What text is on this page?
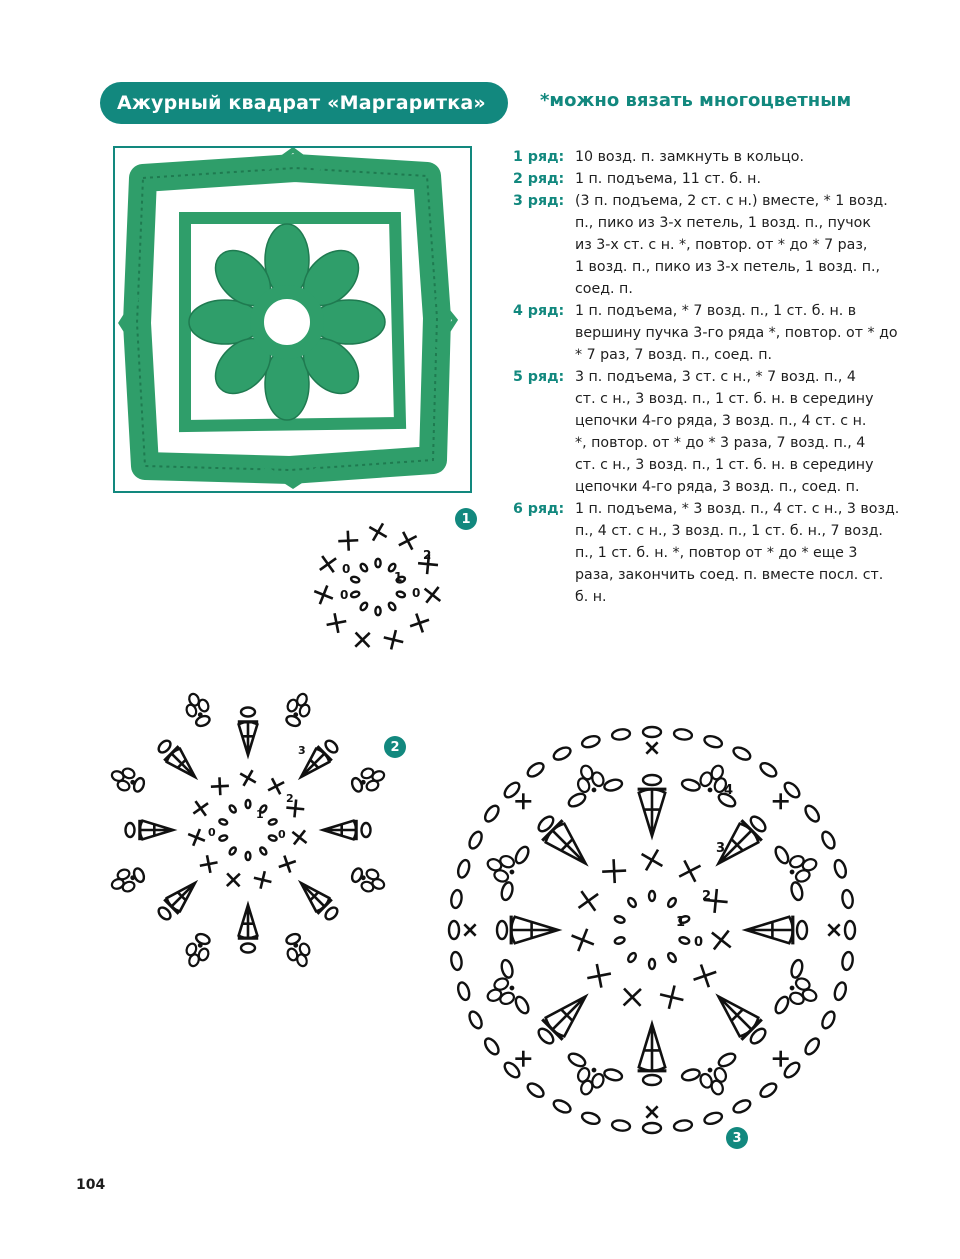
Ажурный квадрат «Маргаритка»	*можно вязать многоцветным
1 ряд: 10 возд. п. замкнуть в кольцо.
2 ряд: 1 п. подъема, 11 ст. б. н.
3 ряд: (3 п. подъема, 2 ст. с н.) вместе, * 1 возд.
п., пико из 3-х петель, 1 возд. п., пучок
из 3-х ст. с н. *, повтор. от * до * 7 раз,
1 возд. п., пико из 3-х петель, 1 возд. п.,
соед. п.
4 ряд: 1 п. подъема, * 7 возд. п., 1 ст. б. н. в
вершину пучка 3-го ряда *, повтор. от * до
* 7 раз, 7 возд. п., соед. п.
5 ряд: 3 п. подъема, 3 ст. с н., * 7 возд. п., 4
ст. с н., 3 возд. п., 1 ст. б. н. в середину
цепочки 4-го ряда, 3 возд. п., 4 ст. с н.
*, повтор. от * до * 3 раза, 7 возд. п., 4
ст. с н., 3 возд. п., 1 ст. б. н. в середину
цепочки 4-го ряда, 3 возд. п., соед. п.
6 ряд: 1 п. подъема, * 3 возд. п., 4 ст. с н., 3 возд.
п., 4 ст. с н., 3 возд. п., 1 ст. б. н., 7 возд.
п., 1 ст. б. н. *, повтор от * до * еще 3
раза, закончить соед. п. вместе посл. ст.
б. н.
2
1
0
0
0
1
3
2
1
0
0
2
4
3
2
1
0
3
104
